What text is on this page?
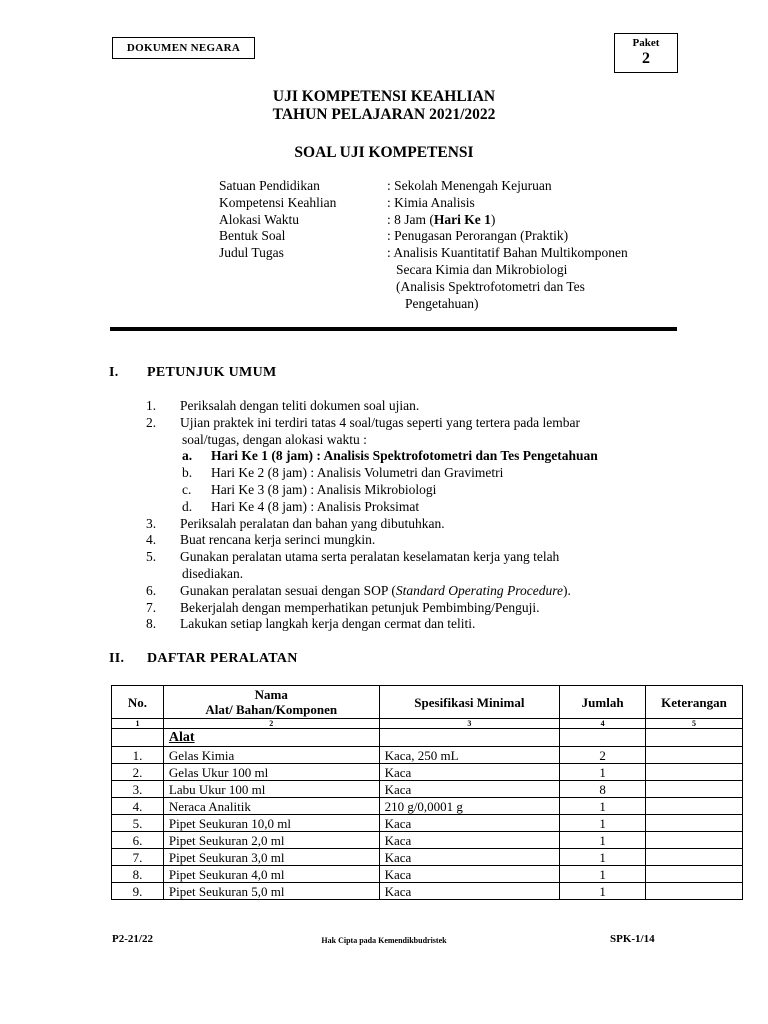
DOKUMEN NEGARA	Paket
2
UJI KOMPETENSI KEAHLIAN
TAHUN PELAJARAN 2021/2022
SOAL UJI KOMPETENSI
Satuan Pendidikan	: Sekolah Menengah Kejuruan
Kompetensi Keahlian	: Kimia Analisis
Alokasi Waktu	: 8 Jam (Hari Ke 1)
Bentuk Soal	: Penugasan Perorangan (Praktik)
Judul Tugas	: Analisis Kuantitatif Bahan Multikomponen
Secara Kimia dan Mikrobiologi
(Analisis Spektrofotometri dan Tes
Pengetahuan)
I.	PETUNJUK UMUM
1.	Periksalah dengan teliti dokumen soal ujian.
2.	Ujian praktek ini terdiri tatas 4 soal/tugas seperti yang tertera pada lembar
soal/tugas, dengan alokasi waktu :
a.	Hari Ke 1 (8 jam) : Analisis Spektrofotometri dan Tes Pengetahuan
b.	Hari Ke 2 (8 jam) : Analisis Volumetri dan Gravimetri
c.	Hari Ke 3 (8 jam) : Analisis Mikrobiologi
d.	Hari Ke 4 (8 jam) : Analisis Proksimat
3.	Periksalah peralatan dan bahan yang dibutuhkan.
4.	Buat rencana kerja serinci mungkin.
5.	Gunakan peralatan utama serta peralatan keselamatan kerja yang telah
disediakan.
6.	Gunakan peralatan sesuai dengan SOP (Standard Operating Procedure).
7.	Bekerjalah dengan memperhatikan petunjuk Pembimbing/Penguji.
8.	Lakukan setiap langkah kerja dengan cermat dan teliti.
II.	DAFTAR PERALATAN
No.	Nama
Alat/ Bahan/Komponen	Spesifikasi Minimal	Jumlah	Keterangan
1	2	3	4	5
	Alat			
1.	Gelas Kimia	Kaca, 250 mL	2	
2.	Gelas Ukur 100 ml	Kaca	1	
3.	Labu Ukur 100 ml	Kaca	8	
4.	Neraca Analitik	210 g/0,0001 g	1	
5.	Pipet Seukuran 10,0 ml	Kaca	1	
6.	Pipet Seukuran 2,0 ml	Kaca	1	
7.	Pipet Seukuran 3,0 ml	Kaca	1	
8.	Pipet Seukuran 4,0 ml	Kaca	1	
9.	Pipet Seukuran 5,0 ml	Kaca	1	
P2-21/22	Hak Cipta pada Kemendikbudristek	SPK-1/14
